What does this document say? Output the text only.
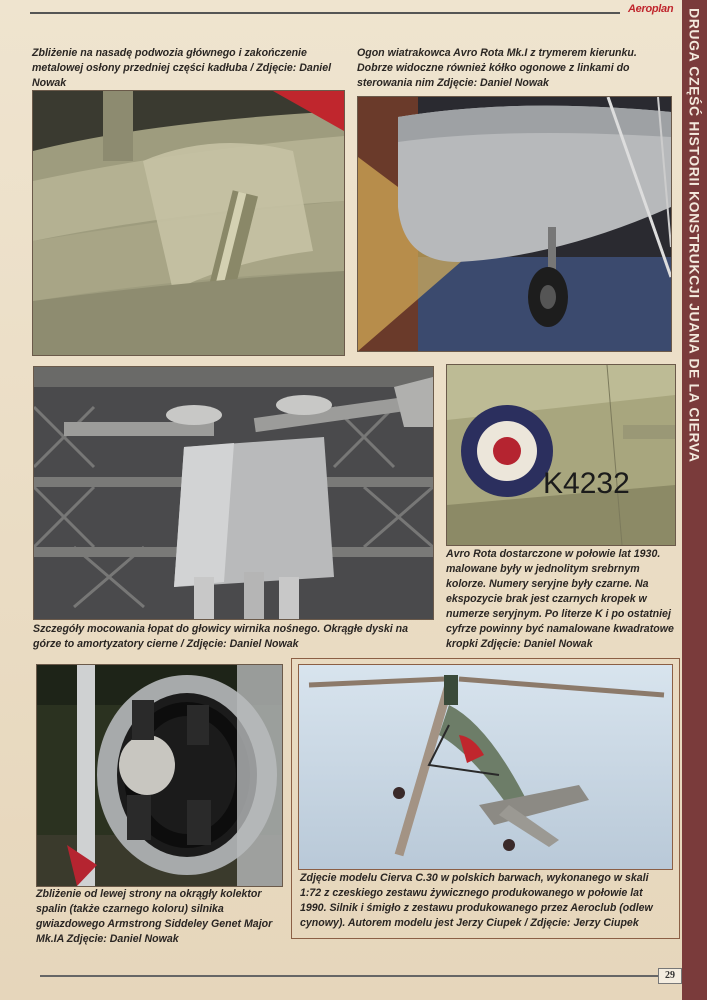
Aeroplan DRUGA CZĘŚĆ HISTORII KONSTRUKCJI JUANA DE LA CIERVA
Zbliżenie na nasadę podwozia głównego i zakończenie metalowej osłony przedniej części kadłuba / Zdjęcie: Daniel Nowak
Ogon wiatrakowca Avro Rota Mk.I z trymerem kierunku. Dobrze widoczne również kółko ogonowe z linkami do sterowania nim Zdjęcie: Daniel Nowak
K4232
Szczegóły mocowania łopat do głowicy wirnika nośnego. Okrągłe dyski na górze to amortyzatory cierne / Zdjęcie: Daniel Nowak
Avro Rota dostarczone w połowie lat 1930. malowane były w jednolitym srebrnym kolorze. Numery seryjne były czarne. Na ekspozycie brak jest czarnych kropek w numerze seryjnym. Po literze K i po ostatniej cyfrze powinny być namalowane kwadratowe kropki Zdjęcie: Daniel Nowak
Zbliżenie od lewej strony na okrągły kolektor spalin (także czarnego koloru) silnika gwiazdowego Armstrong Siddeley Genet Major Mk.IA Zdjęcie: Daniel Nowak
Zdjęcie modelu Cierva C.30 w polskich barwach, wykonanego w skali 1:72 z czeskiego zestawu żywicznego produkowanego w połowie lat 1990. Silnik i śmigło z zestawu produkowanego przez Aeroclub (odlew cynowy). Autorem modelu jest Jerzy Ciupek / Zdjęcie: Jerzy Ciupek
29
